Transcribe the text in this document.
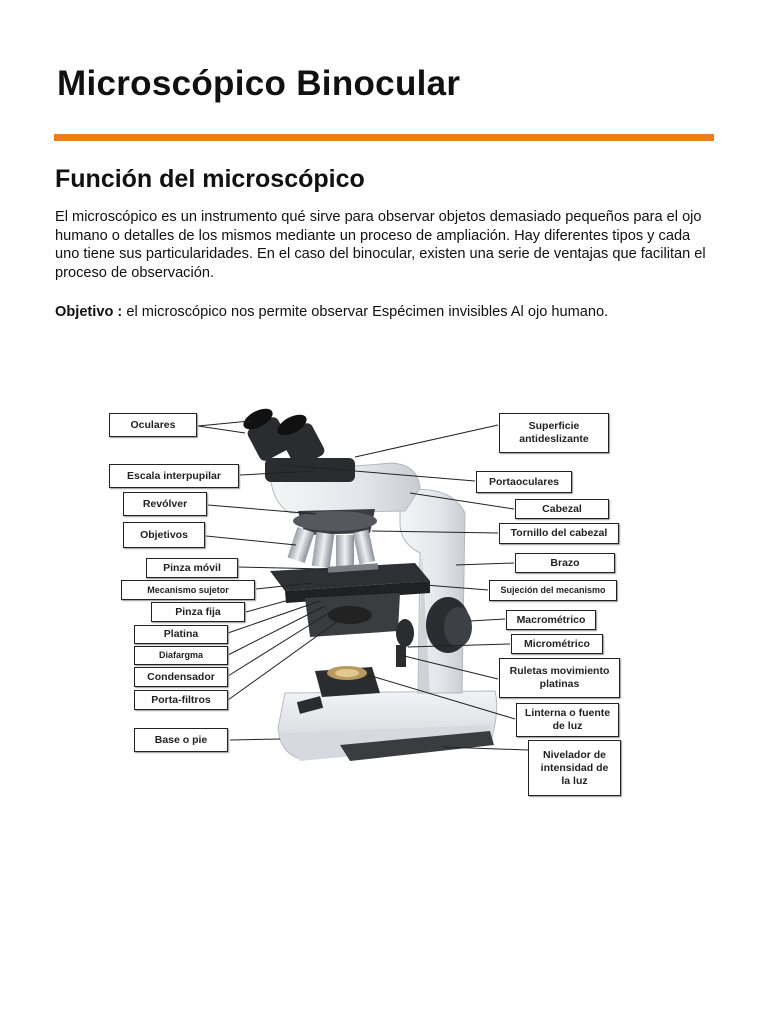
Microscópico Binocular
Función del microscópico

El microscópico es un instrumento qué sirve para observar objetos demasiado pequeños para el ojo humano o detalles de los mismos mediante un proceso de ampliación. Hay diferentes tipos y cada uno tiene sus particularidades. En el caso del binocular, existen una serie de ventajas que facilitan el proceso de observación.

Objetivo : el microscópico nos permite observar Espécimen invisibles Al ojo humano.

Oculares
Escala interpupilar
Revólver
Objetivos
Pinza móvil
Mecanismo sujetor
Pinza fija
Platina
Diafargma
Condensador
Porta-filtros
Base o pie
Superficie antideslizante
Portaoculares
Cabezal
Tornillo del cabezal
Brazo
Sujeción del mecanismo
Macrométrico
Micrométrico
Ruletas movimiento platinas
Linterna o fuente de luz
Nivelador de intensidad de la luz
